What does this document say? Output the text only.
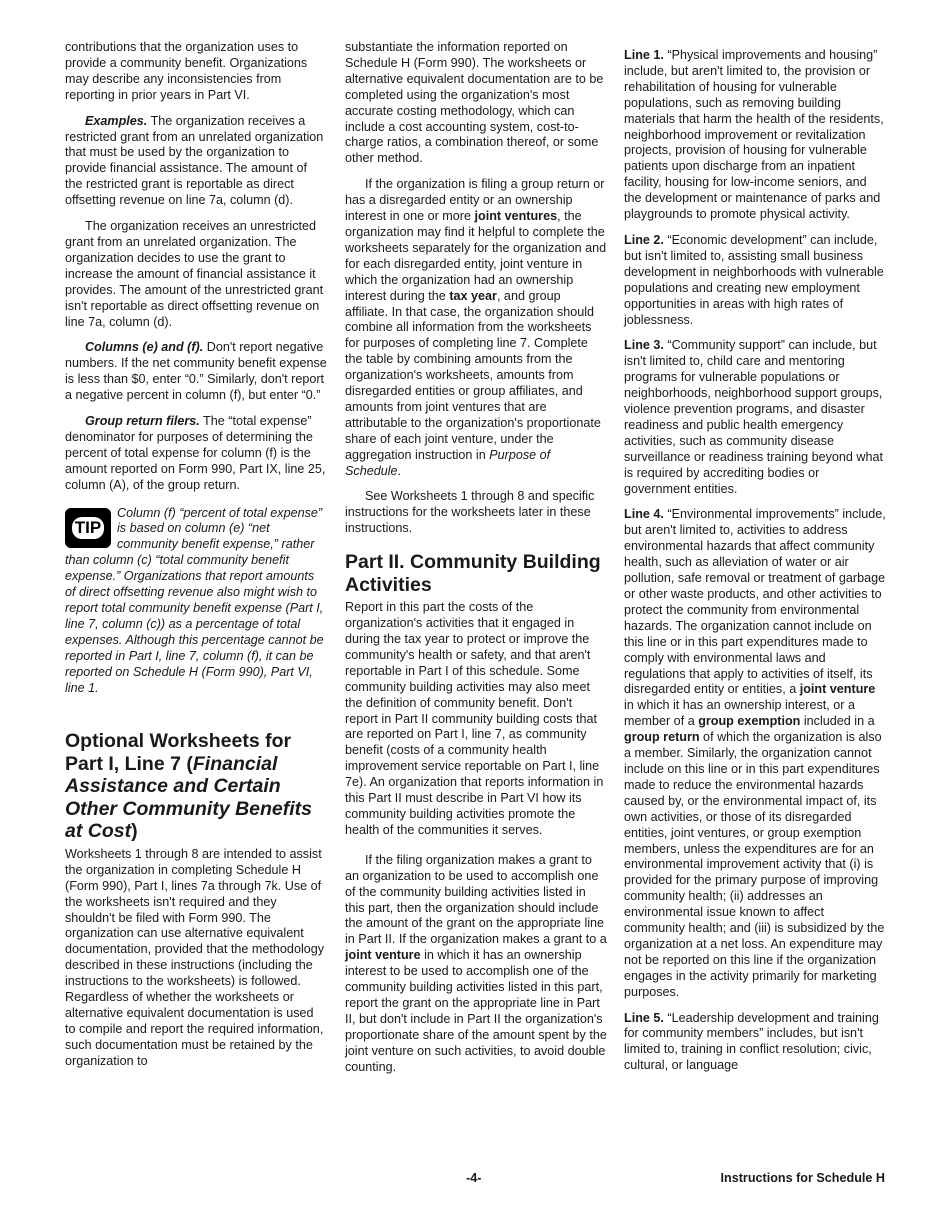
contributions that the organization uses to provide a community benefit. Organizations may describe any inconsistencies from reporting in prior years in Part VI.

Examples. The organization receives a restricted grant from an unrelated organization that must be used by the organization to provide financial assistance. The amount of the restricted grant is reportable as direct offsetting revenue on line 7a, column (d).

The organization receives an unrestricted grant from an unrelated organization. The organization decides to use the grant to increase the amount of financial assistance it provides. The amount of the unrestricted grant isn't reportable as direct offsetting revenue on line 7a, column (d).

Columns (e) and (f). Don't report negative numbers. If the net community benefit expense is less than $0, enter “0.” Similarly, don't report a negative percent in column (f), but enter “0.”

Group return filers. The “total expense” denominator for purposes of determining the percent of total expense for column (f) is the amount reported on Form 990, Part IX, line 25, column (A), of the group return.

TIP
Column (f) “percent of total expense” is based on column (e) “net community benefit expense,” rather than column (c) “total community benefit expense.” Organizations that report amounts of direct offsetting revenue also might wish to report total community benefit expense (Part I, line 7, column (c)) as a percentage of total expenses. Although this percentage cannot be reported in Part I, line 7, column (f), it can be reported on Schedule H (Form 990), Part VI, line 1.
Optional Worksheets for Part I, Line 7 (Financial Assistance and Certain Other Community Benefits at Cost)

Worksheets 1 through 8 are intended to assist the organization in completing Schedule H (Form 990), Part I, lines 7a through 7k. Use of the worksheets isn't required and they shouldn't be filed with Form 990. The organization can use alternative equivalent documentation, provided that the methodology described in these instructions (including the instructions to the worksheets) is followed. Regardless of whether the worksheets or alternative equivalent documentation is used to compile and report the required information, such documentation must be retained by the organization to

substantiate the information reported on Schedule H (Form 990). The worksheets or alternative equivalent documentation are to be completed using the organization's most accurate costing methodology, which can include a cost accounting system, cost-to-charge ratios, a combination thereof, or some other method.

If the organization is filing a group return or has a disregarded entity or an ownership interest in one or more joint ventures, the organization may find it helpful to complete the worksheets separately for the organization and for each disregarded entity, joint venture in which the organization had an ownership interest during the tax year, and group affiliate. In that case, the organization should combine all information from the worksheets for purposes of completing line 7. Complete the table by combining amounts from the organization's worksheets, amounts from disregarded entities or group affiliates, and amounts from joint ventures that are attributable to the organization's proportionate share of each joint venture, under the aggregation instruction in Purpose of Schedule.

See Worksheets 1 through 8 and specific instructions for the worksheets later in these instructions.

Part II. Community Building Activities

Report in this part the costs of the organization's activities that it engaged in during the tax year to protect or improve the community's health or safety, and that aren't reportable in Part I of this schedule. Some community building activities may also meet the definition of community benefit. Don't report in Part II community building costs that are reported on Part I, line 7, as community benefit (costs of a community health improvement service reportable on Part I, line 7e). An organization that reports information in this Part II must describe in Part VI how its community building activities promote the health of the communities it serves.

If the filing organization makes a grant to an organization to be used to accomplish one of the community building activities listed in this part, then the organization should include the amount of the grant on the appropriate line in Part II. If the organization makes a grant to a joint venture in which it has an ownership interest to be used to accomplish one of the community building activities listed in this part, report the grant on the appropriate line in Part II, but don't include in Part II the organization's proportionate share of the amount spent by the joint venture on such activities, to avoid double counting.

Line 1. “Physical improvements and housing” include, but aren't limited to, the provision or rehabilitation of housing for vulnerable populations, such as removing building materials that harm the health of the residents, neighborhood improvement or revitalization projects, provision of housing for vulnerable patients upon discharge from an inpatient facility, housing for low-income seniors, and the development or maintenance of parks and playgrounds to promote physical activity.

Line 2. “Economic development” can include, but isn't limited to, assisting small business development in neighborhoods with vulnerable populations and creating new employment opportunities in areas with high rates of joblessness.

Line 3. “Community support” can include, but isn't limited to, child care and mentoring programs for vulnerable populations or neighborhoods, neighborhood support groups, violence prevention programs, and disaster readiness and public health emergency activities, such as community disease surveillance or readiness training beyond what is required by accrediting bodies or government entities.

Line 4. “Environmental improvements” include, but aren't limited to, activities to address environmental hazards that affect community health, such as alleviation of water or air pollution, safe removal or treatment of garbage or other waste products, and other activities to protect the community from environmental hazards. The organization cannot include on this line or in this part expenditures made to comply with environmental laws and regulations that apply to activities of itself, its disregarded entity or entities, a joint venture in which it has an ownership interest, or a member of a group exemption included in a group return of which the organization is also a member. Similarly, the organization cannot include on this line or in this part expenditures made to reduce the environmental hazards caused by, or the environmental impact of, its own activities, or those of its disregarded entities, joint ventures, or group exemption members, unless the expenditures are for an environmental improvement activity that (i) is provided for the primary purpose of improving community health; (ii) addresses an environmental issue known to affect community health; and (iii) is subsidized by the organization at a net loss. An expenditure may not be reported on this line if the organization engages in the activity primarily for marketing purposes.

Line 5. “Leadership development and training for community members” includes, but isn't limited to, training in conflict resolution; civic, cultural, or language

-4-	Instructions for Schedule H
